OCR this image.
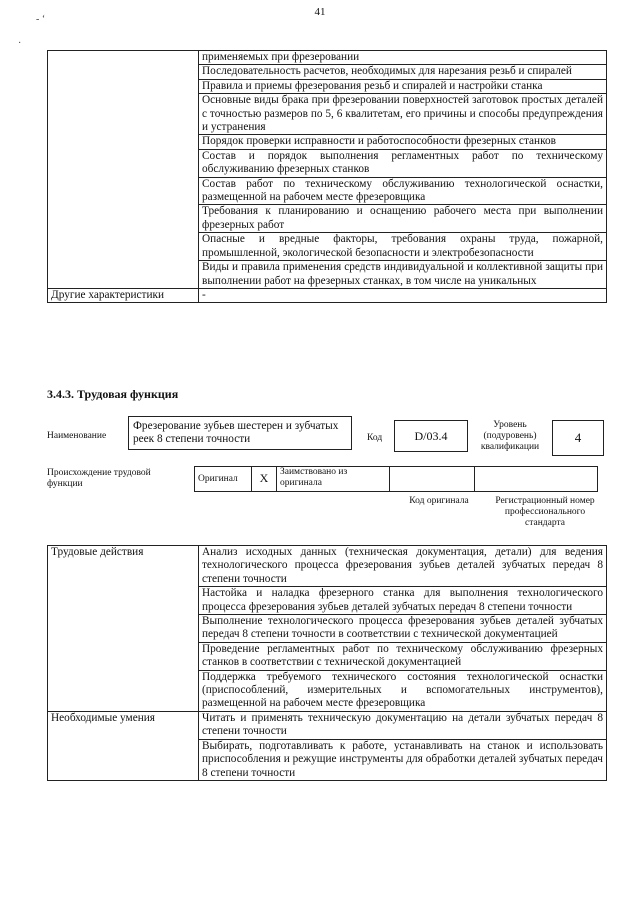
- ‘
·
41
	применяемых при фрезеровании
	Последовательность расчетов, необходимых для нарезания резьб и спиралей
	Правила и приемы фрезерования резьб и спиралей и настройки станка
	Основные виды брака при фрезеровании поверхностей заготовок простых деталей с точностью размеров по 5, 6 квалитетам, его причины и способы предупреждения и устранения
	Порядок проверки исправности и работоспособности фрезерных станков
	Состав и порядок выполнения регламентных работ по техническому обслуживанию фрезерных станков
	Состав работ по техническому обслуживанию технологической оснастки, размещенной на рабочем месте фрезеровщика
	Требования к планированию и оснащению рабочего места при выполнении фрезерных работ
	Опасные и вредные факторы, требования охраны труда, пожарной, промышленной, экологической безопасности и электробезопасности
	Виды и правила применения средств индивидуальной и коллективной защиты при выполнении работ на фрезерных станках, в том числе на уникальных
Другие характеристики	-
3.4.3. Трудовая функция
Наименование
Фрезерование зубьев шестерен и зубчатых реек 8 степени точности	Код	D/03.4
Уровень (подуровень) квалификации
4
Происхождение трудовой функции
Оригинал	X	Заимствовано из оригинала		
Код оригинала	Регистрационный номер профессионального стандарта
Трудовые действия	Анализ исходных данных (техническая документация, детали) для ведения технологического процесса фрезерования зубьев деталей зубчатых передач 8 степени точности
	Настойка и наладка фрезерного станка для выполнения технологического процесса фрезерования зубьев деталей зубчатых передач 8 степени точности
	Выполнение технологического процесса фрезерования зубьев деталей зубчатых передач 8 степени точности в соответствии с технической документацией
	Проведение регламентных работ по техническому обслуживанию фрезерных станков в соответствии с технической документацией
	Поддержка требуемого технического состояния технологической оснастки (приспособлений, измерительных и вспомогательных инструментов), размещенной на рабочем месте фрезеровщика
Необходимые умения	Читать и применять техническую документацию на детали зубчатых передач 8 степени точности
	Выбирать, подготавливать к работе, устанавливать на станок и использовать приспособления и режущие инструменты для обработки деталей зубчатых передач 8 степени точности
